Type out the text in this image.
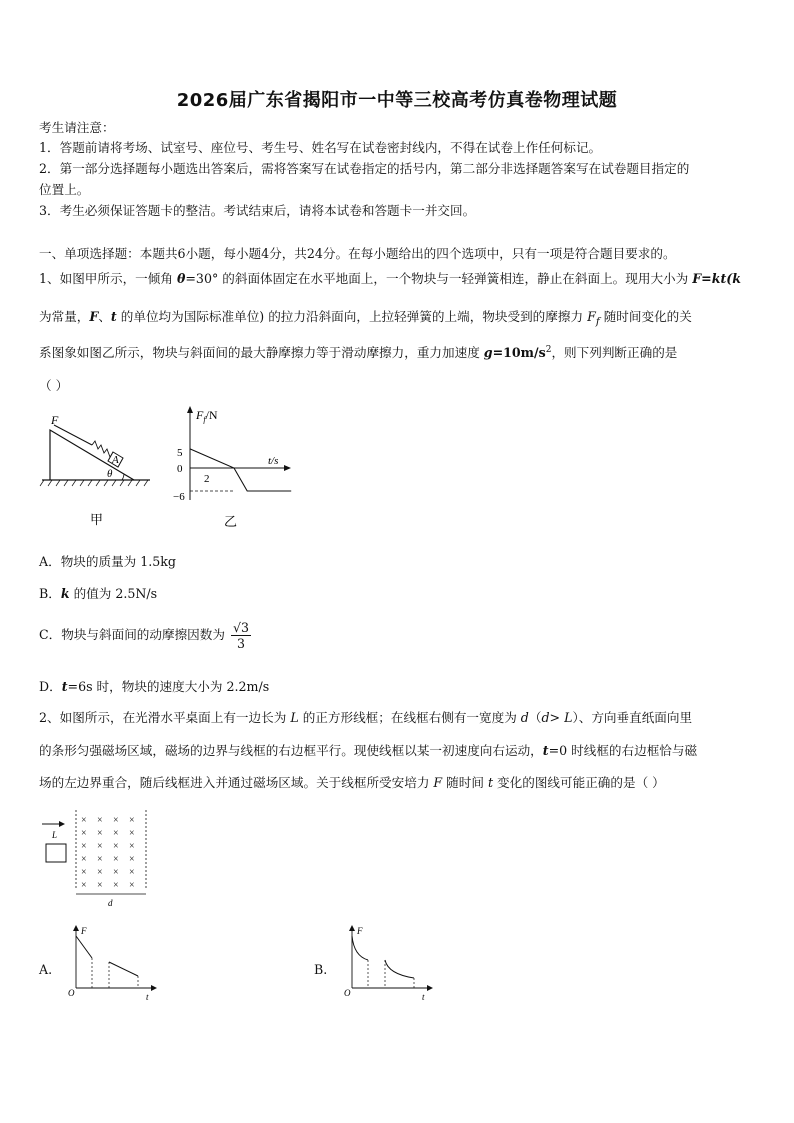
2026届广东省揭阳市一中等三校高考仿真卷物理试题
考生请注意：
1．答题前请将考场、试室号、座位号、考生号、姓名写在试卷密封线内，不得在试卷上作任何标记。
2．第一部分选择题每小题选出答案后，需将答案写在试卷指定的括号内，第二部分非选择题答案写在试卷题目指定的
位置上。
3．考生必须保证答题卡的整洁。考试结束后，请将本试卷和答题卡一并交回。
一、单项选择题：本题共6小题，每小题4分，共24分。在每小题给出的四个选项中，只有一项是符合题目要求的。
1、如图甲所示，一倾角 θ=30° 的斜面体固定在水平地面上，一个物块与一轻弹簧相连，静止在斜面上。现用大小为 F=kt(k
为常量，F、t 的单位均为国际标准单位) 的拉力沿斜面向，上拉轻弹簧的上端，物块受到的摩擦力 $F_f$ 随时间变化的关
系图象如图乙所示，物块与斜面间的最大静摩擦力等于滑动摩擦力，重力加速度 $g=10m/s^2$，则下列判断正确的是
（ ）
A
F
θ
甲
$F_f/N$
t/s
5
0
−6
2
乙
A．物块的质量为 1.5kg
B．k 的值为 2.5N/s
C．物块与斜面间的动摩擦因数为 $\frac{√3}{3}$
D．t=6s 时，物块的速度大小为 2.2m/s
2、如图所示，在光滑水平桌面上有一边长为 L 的正方形线框；在线框右侧有一宽度为 d（d> L）、方向垂直纸面向里
的条形匀强磁场区域，磁场的边界与线框的右边框平行。现使线框以某一初速度向右运动，t=0 时线框的右边框恰与磁
场的左边界重合，随后线框进入并通过磁场区域。关于线框所受安培力 F 随时间 t 变化的图线可能正确的是（ ）
L
× × × ×
× × × ×
× × × ×
× × × ×
× × × ×
× × × ×
d
A.
F
O	t
B.
F
O	t
